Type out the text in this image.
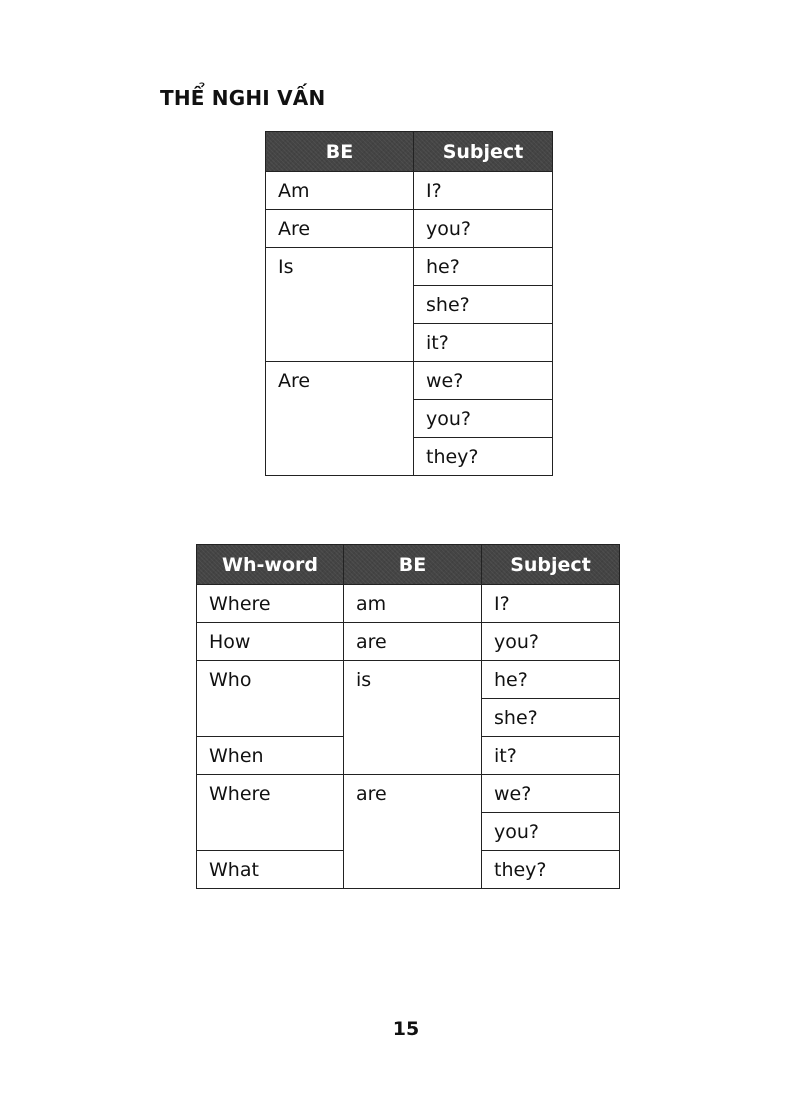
THỂ NGHI VẤN
BE	Subject
Am	I?
Are	you?
Is	he?
	she?
	it?
Are	we?
	you?
	they?
Wh-word	BE	Subject
Where	am	I?
How	are	you?
Who	is	he?
		she?
When		it?
Where	are	we?
		you?
What		they?
15
